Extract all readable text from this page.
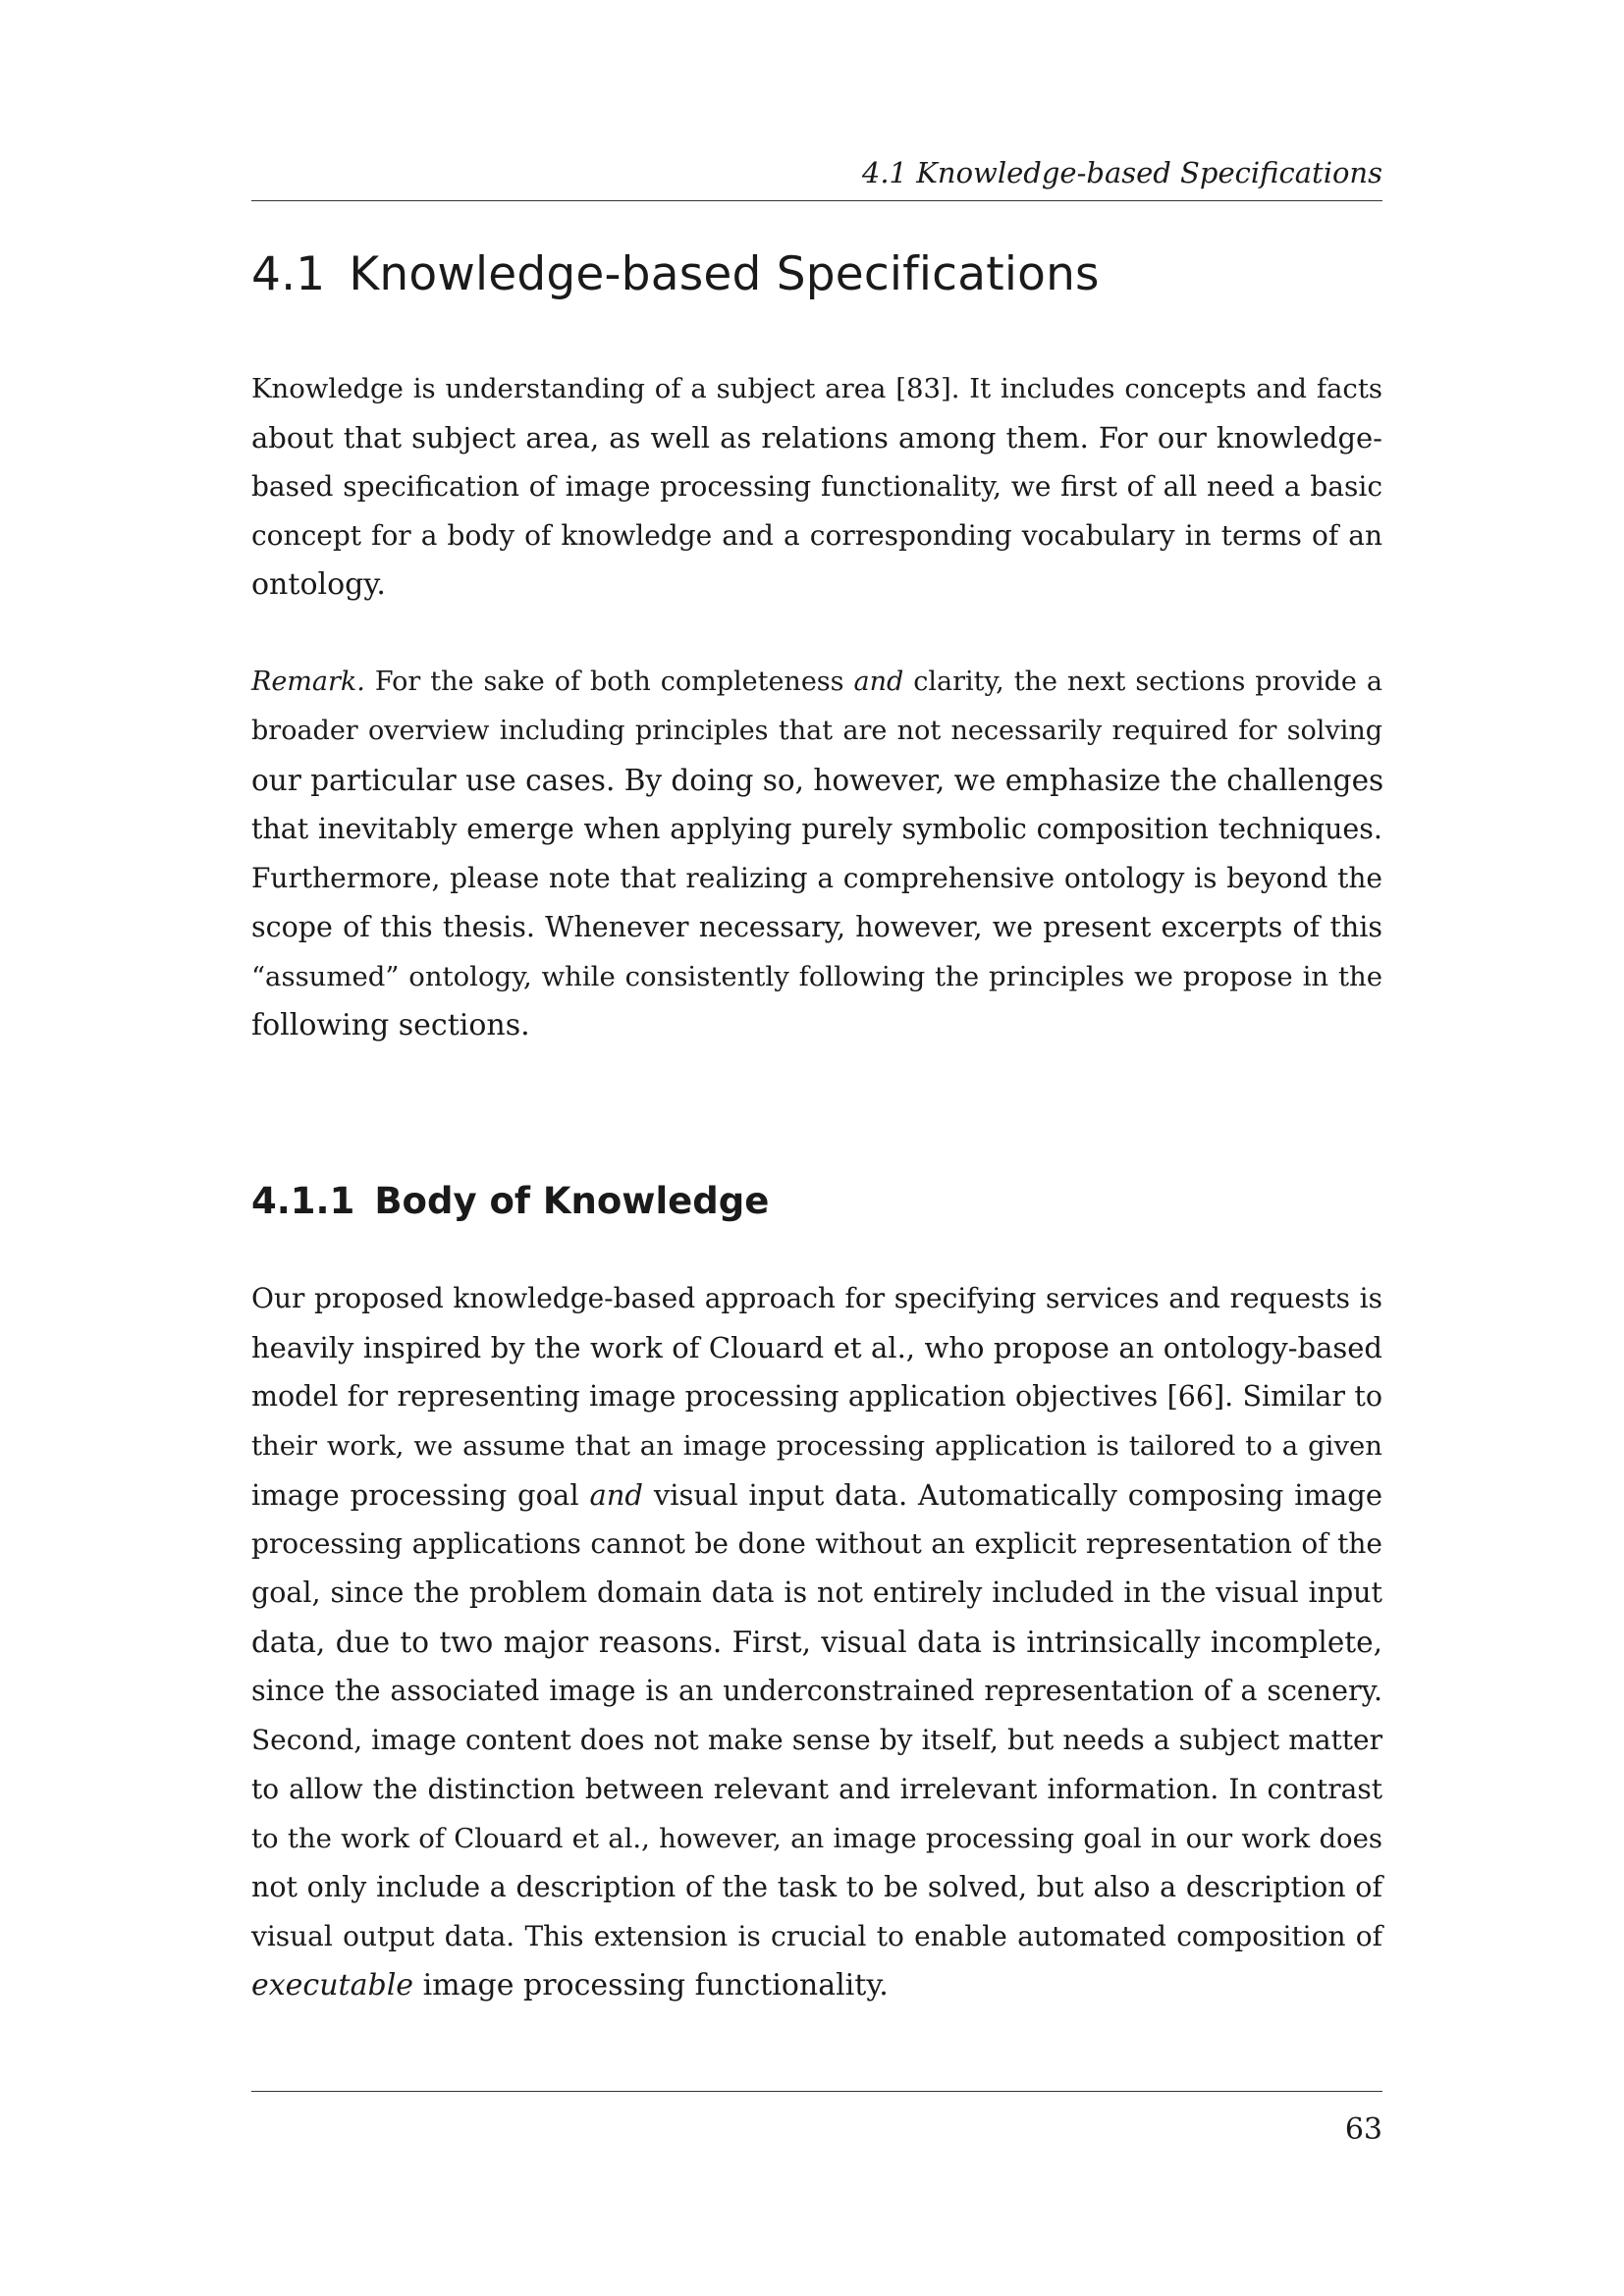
4.1 Knowledge-based Specifications
4.1 Knowledge-based Specifications
Knowledge is understanding of a subject area [83]. It includes concepts and facts
about that subject area, as well as relations among them. For our knowledge-
based specification of image processing functionality, we first of all need a basic
concept for a body of knowledge and a corresponding vocabulary in terms of an
ontology.
Remark. For the sake of both completeness and clarity, the next sections provide a
broader overview including principles that are not necessarily required for solving
our particular use cases. By doing so, however, we emphasize the challenges
that inevitably emerge when applying purely symbolic composition techniques.
Furthermore, please note that realizing a comprehensive ontology is beyond the
scope of this thesis. Whenever necessary, however, we present excerpts of this
“assumed” ontology, while consistently following the principles we propose in the
following sections.
4.1.1 Body of Knowledge
Our proposed knowledge-based approach for specifying services and requests is
heavily inspired by the work of Clouard et al., who propose an ontology-based
model for representing image processing application objectives [66]. Similar to
their work, we assume that an image processing application is tailored to a given
image processing goal and visual input data. Automatically composing image
processing applications cannot be done without an explicit representation of the
goal, since the problem domain data is not entirely included in the visual input
data, due to two major reasons. First, visual data is intrinsically incomplete,
since the associated image is an underconstrained representation of a scenery.
Second, image content does not make sense by itself, but needs a subject matter
to allow the distinction between relevant and irrelevant information. In contrast
to the work of Clouard et al., however, an image processing goal in our work does
not only include a description of the task to be solved, but also a description of
visual output data. This extension is crucial to enable automated composition of
executable image processing functionality.
63
